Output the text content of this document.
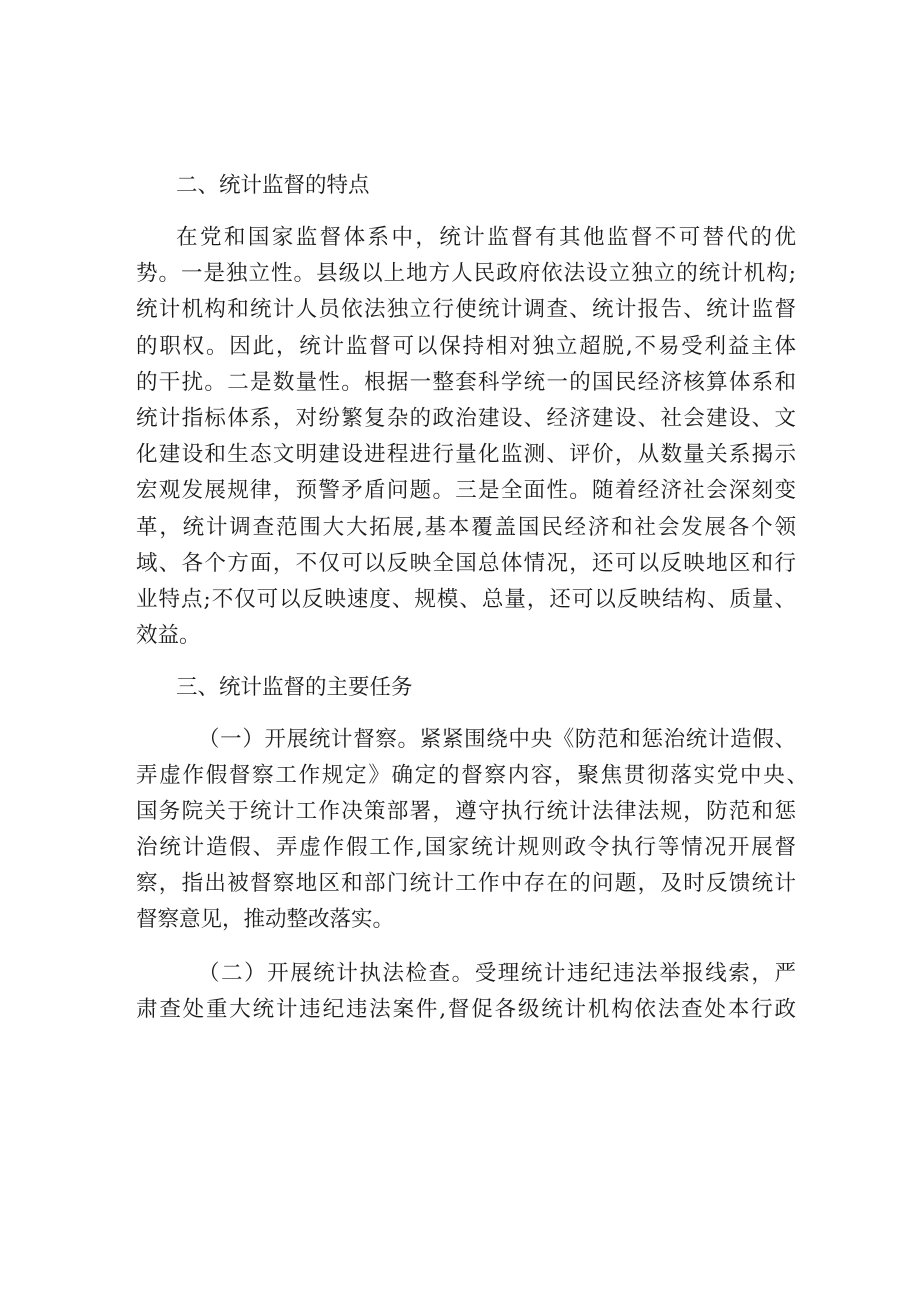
二、统计监督的特点
在党和国家监督体系中，统计监督有其他监督不可替代的优
势。一是独立性。县级以上地方人民政府依法设立独立的统计机构;
统计机构和统计人员依法独立行使统计调查、统计报告、统计监督
的职权。因此，统计监督可以保持相对独立超脱,不易受利益主体
的干扰。二是数量性。根据一整套科学统一的国民经济核算体系和
统计指标体系，对纷繁复杂的政治建设、经济建设、社会建设、文
化建设和生态文明建设进程进行量化监测、评价，从数量关系揭示
宏观发展规律，预警矛盾问题。三是全面性。随着经济社会深刻变
革，统计调查范围大大拓展,基本覆盖国民经济和社会发展各个领
域、各个方面，不仅可以反映全国总体情况，还可以反映地区和行
业特点;不仅可以反映速度、规模、总量，还可以反映结构、质量、
效益。
三、统计监督的主要任务
（一）开展统计督察。紧紧围绕中央《防范和惩治统计造假、
弄虚作假督察工作规定》确定的督察内容，聚焦贯彻落实党中央、
国务院关于统计工作决策部署，遵守执行统计法律法规，防范和惩
治统计造假、弄虚作假工作,国家统计规则政令执行等情况开展督
察，指出被督察地区和部门统计工作中存在的问题，及时反馈统计
督察意见，推动整改落实。
（二）开展统计执法检查。受理统计违纪违法举报线索，严
肃查处重大统计违纪违法案件,督促各级统计机构依法查处本行政
